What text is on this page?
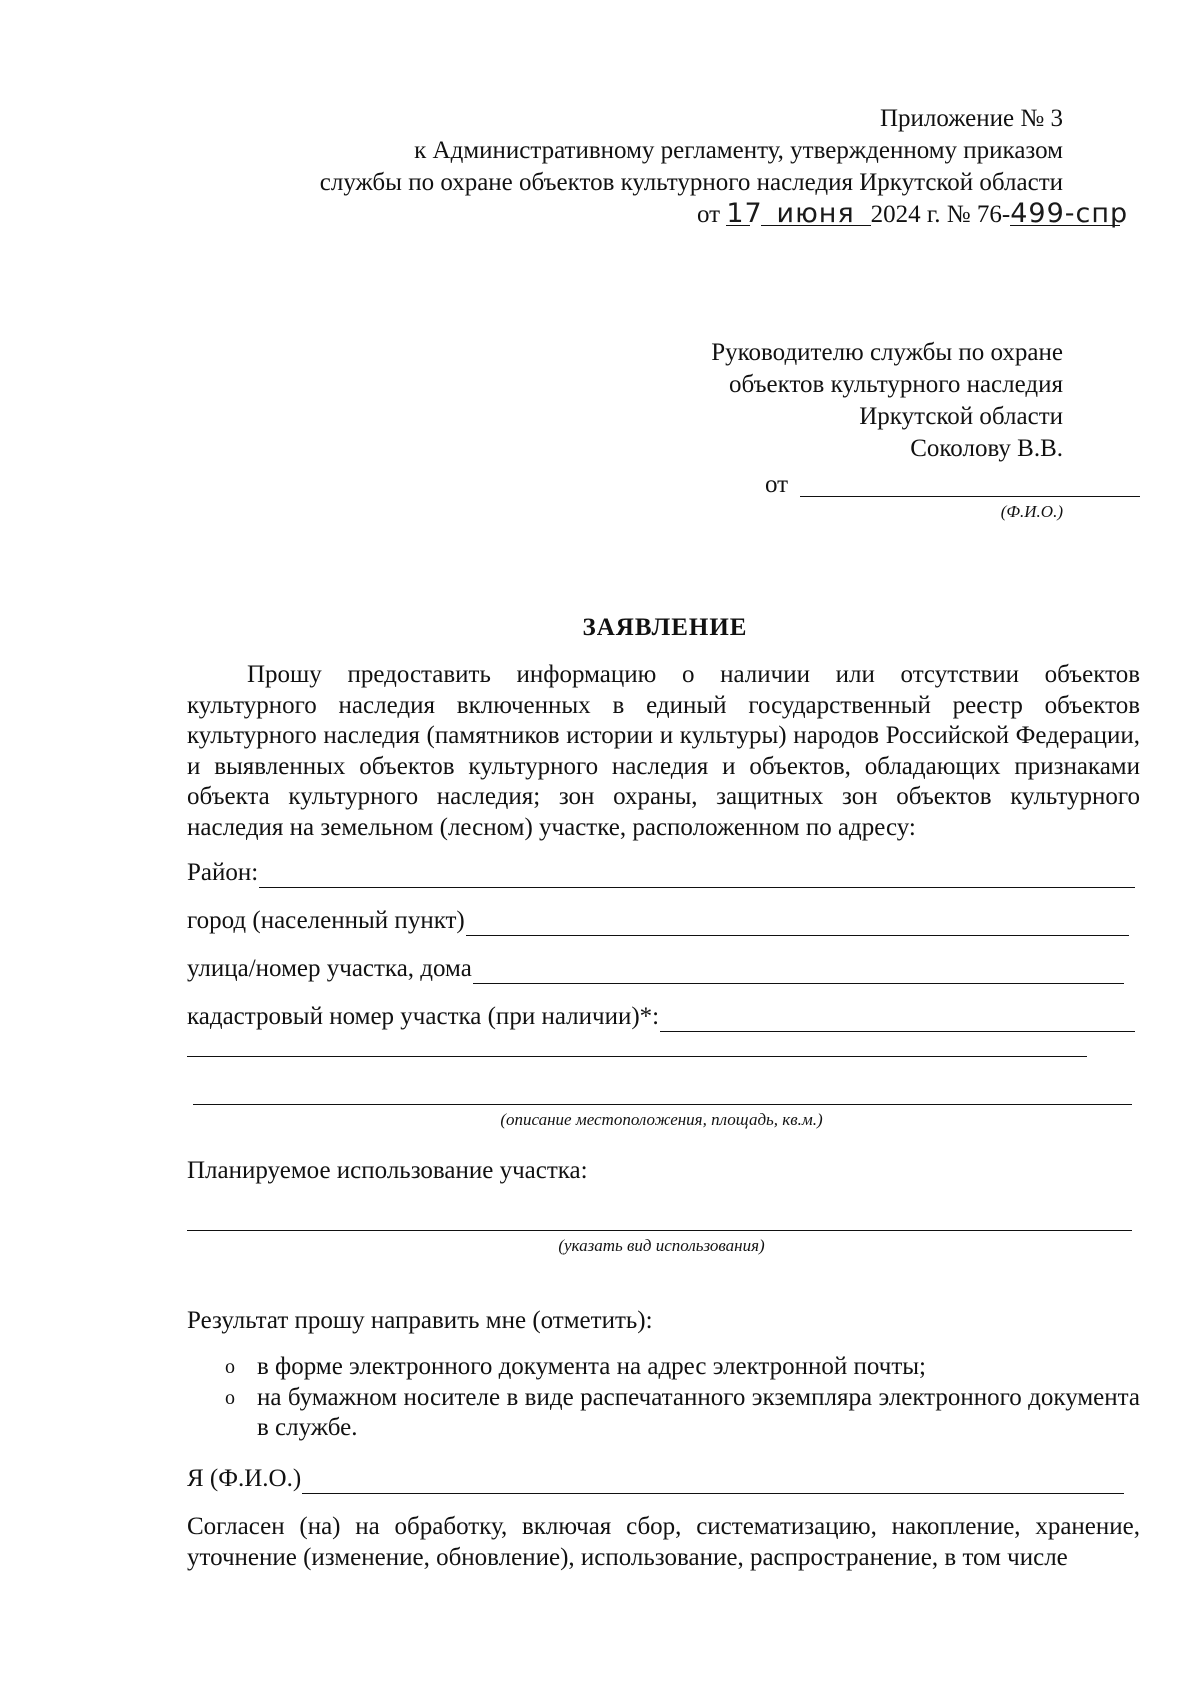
Приложение № 3
к Административному регламенту, утвержденному приказом
службы по охране объектов культурного наследия Иркутской области
от 17 июня 2024 г. № 76-499-спр
Руководителю службы по охране
объектов культурного наследия
Иркутской области
Соколову В.В.
от
(Ф.И.О.)
ЗАЯВЛЕНИЕ
Прошу предоставить информацию о наличии или отсутствии объектов культурного наследия включенных в единый государственный реестр объектов культурного наследия (памятников истории и культуры) народов Российской Федерации, и выявленных объектов культурного наследия и объектов, обладающих признаками объекта культурного наследия; зон охраны, защитных зон объектов культурного наследия на земельном (лесном) участке, расположенном по адресу:
Район:
город (населенный пункт)
улица/номер участка, дома
кадастровый номер участка (при наличии)*:
(описание местоположения, площадь, кв.м.)
Планируемое использование участка:
(указать вид использования)
Результат прошу направить мне (отметить):
o в форме электронного документа на адрес электронной почты;
o на бумажном носителе в виде распечатанного экземпляра электронного документа в службе.
Я (Ф.И.О.)
Согласен (на) на обработку, включая сбор, систематизацию, накопление, хранение, уточнение (изменение, обновление), использование, распространение, в том числе
